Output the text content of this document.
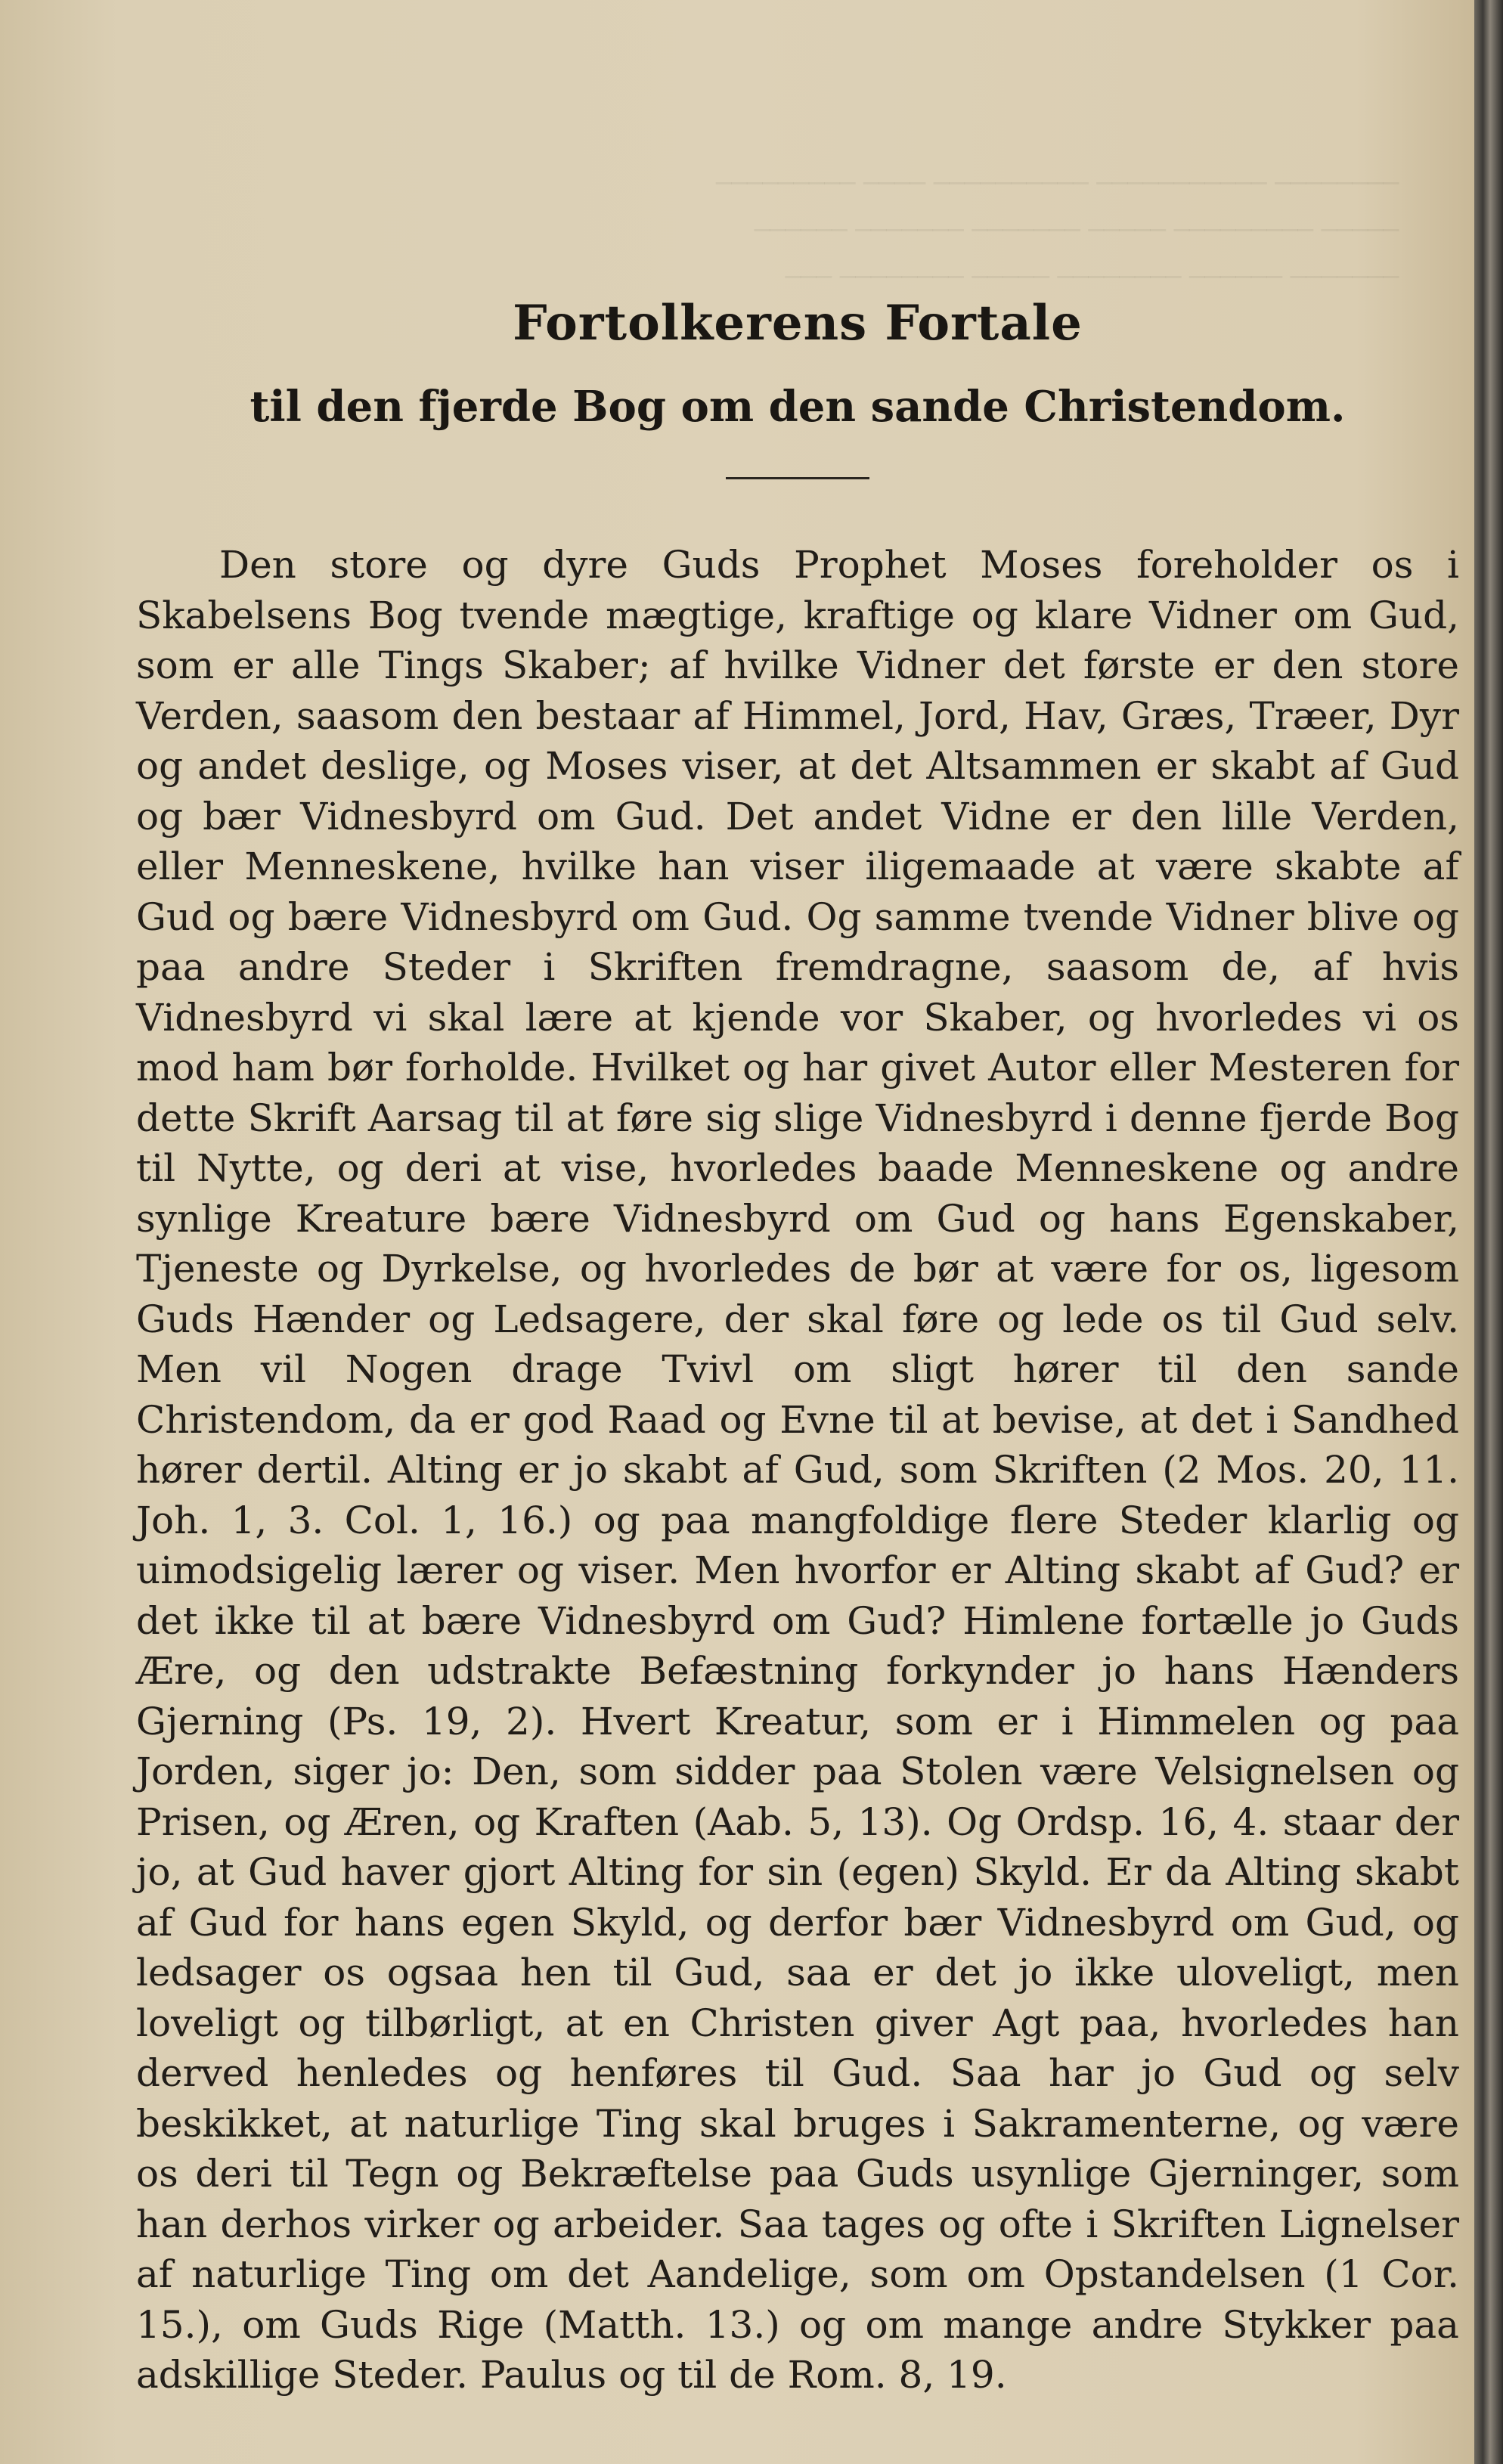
──────── ─────────── ────────── ──── ─────────
───── ───────── ───── ─────── ─────── ──────
─────── ────── ──────── ───── ──────── ───

Fortolkerens Fortale
til den fjerde Bog om den sande Christendom.

Den store og dyre Guds Prophet Moses foreholder os i Skabelsens Bog tvende mægtige, kraftige og klare Vidner om Gud, som er alle Tings Skaber; af hvilke Vidner det første er den store Verden, saasom den bestaar af Himmel, Jord, Hav, Græs, Træer, Dyr og andet deslige, og Moses viser, at det Altsammen er skabt af Gud og bær Vidnesbyrd om Gud. Det andet Vidne er den lille Verden, eller Menneskene, hvilke han viser iligemaade at være skabte af Gud og bære Vidnesbyrd om Gud. Og samme tvende Vidner blive og paa andre Steder i Skriften fremdragne, saasom de, af hvis Vidnesbyrd vi skal lære at kjende vor Skaber, og hvorledes vi os mod ham bør forholde. Hvilket og har givet Autor eller Mesteren for dette Skrift Aarsag til at føre sig slige Vidnesbyrd i denne fjerde Bog til Nytte, og deri at vise, hvorledes baade Menneskene og andre synlige Kreature bære Vidnesbyrd om Gud og hans Egenskaber, Tjeneste og Dyrkelse, og hvorledes de bør at være for os, ligesom Guds Hænder og Ledsagere, der skal føre og lede os til Gud selv. Men vil Nogen drage Tvivl om sligt hører til den sande Christendom, da er god Raad og Evne til at bevise, at det i Sandhed hører dertil. Alting er jo skabt af Gud, som Skriften (2 Mos. 20, 11. Joh. 1, 3. Col. 1, 16.) og paa mangfoldige flere Steder klarlig og uimodsigelig lærer og viser. Men hvorfor er Alting skabt af Gud? er det ikke til at bære Vidnesbyrd om Gud? Himlene fortælle jo Guds Ære, og den udstrakte Befæstning forkynder jo hans Hænders Gjerning (Ps. 19, 2). Hvert Kreatur, som er i Himmelen og paa Jorden, siger jo: Den, som sidder paa Stolen være Velsignelsen og Prisen, og Æren, og Kraften (Aab. 5, 13). Og Ordsp. 16, 4. staar der jo, at Gud haver gjort Alting for sin (egen) Skyld. Er da Alting skabt af Gud for hans egen Skyld, og derfor bær Vidnesbyrd om Gud, og ledsager os ogsaa hen til Gud, saa er det jo ikke uloveligt, men loveligt og tilbørligt, at en Christen giver Agt paa, hvorledes han derved henledes og henføres til Gud. Saa har jo Gud og selv beskikket, at naturlige Ting skal bruges i Sakramenterne, og være os deri til Tegn og Bekræftelse paa Guds usynlige Gjerninger, som han derhos virker og arbeider. Saa tages og ofte i Skriften Lignelser af naturlige Ting om det Aandelige, som om Opstandelsen (1 Cor. 15.), om Guds Rige (Matth. 13.) og om mange andre Stykker paa adskillige Steder. Paulus og til de Rom. 8, 19.
